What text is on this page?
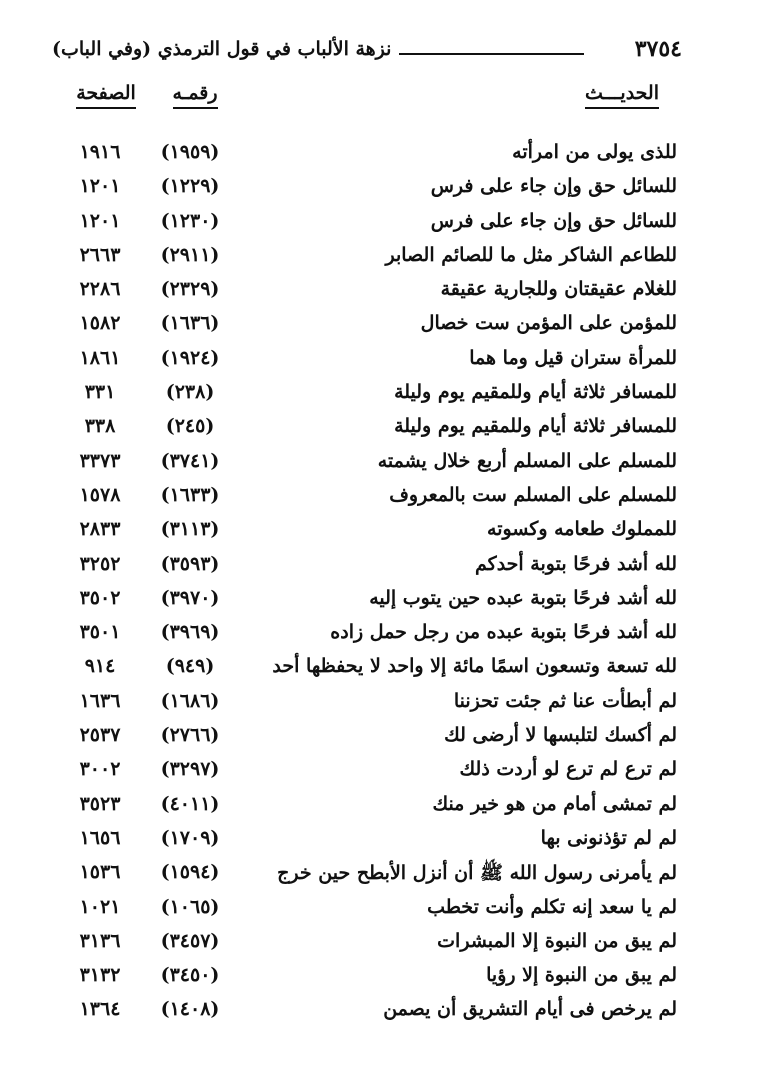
٣٧٥٤
نزهة الألباب في قول الترمذي (وفي الباب)
الحديـــث
رقمـه
الصفحة
للذى يولى من امرأته
(١٩٥٩)
١٩١٦
للسائل حق وإن جاء على فرس
(١٢٢٩)
١٢٠١
للسائل حق وإن جاء على فرس
(١٢٣٠)
١٢٠١
للطاعم الشاكر مثل ما للصائم الصابر
(٢٩١١)
٢٦٦٣
للغلام عقيقتان وللجارية عقيقة
(٢٣٢٩)
٢٢٨٦
للمؤمن على المؤمن ست خصال
(١٦٣٦)
١٥٨٢
للمرأة ستران قيل وما هما
(١٩٢٤)
١٨٦١
للمسافر ثلاثة أيام وللمقيم يوم وليلة
(٢٣٨)
٣٣١
للمسافر ثلاثة أيام وللمقيم يوم وليلة
(٢٤٥)
٣٣٨
للمسلم على المسلم أربع خلال يشمته
(٣٧٤١)
٣٣٧٣
للمسلم على المسلم ست بالمعروف
(١٦٣٣)
١٥٧٨
للمملوك طعامه وكسوته
(٣١١٣)
٢٨٣٣
لله أشد فرحًا بتوبة أحدكم
(٣٥٩٣)
٣٢٥٢
لله أشد فرحًا بتوبة عبده حين يتوب إليه
(٣٩٧٠)
٣٥٠٢
لله أشد فرحًا بتوبة عبده من رجل حمل زاده
(٣٩٦٩)
٣٥٠١
لله تسعة وتسعون اسمًا مائة إلا واحد لا يحفظها أحد
(٩٤٩)
٩١٤
لم أبطأت عنا ثم جئت تحزننا
(١٦٨٦)
١٦٣٦
لم أكسك لتلبسها لا أرضى لك
(٢٧٦٦)
٢٥٣٧
لم ترع لم ترع لو أردت ذلك
(٣٢٩٧)
٣٠٠٢
لم تمشى أمام من هو خير منك
(٤٠١١)
٣٥٢٣
لم لم تؤذنونى بها
(١٧٠٩)
١٦٥٦
لم يأمرنى رسول الله ﷺ أن أنزل الأبطح حين خرج
(١٥٩٤)
١٥٣٦
لم يا سعد إنه تكلم وأنت تخطب
(١٠٦٥)
١٠٢١
لم يبق من النبوة إلا المبشرات
(٣٤٥٧)
٣١٣٦
لم يبق من النبوة إلا رؤيا
(٣٤٥٠)
٣١٣٢
لم يرخص فى أيام التشريق أن يصمن
(١٤٠٨)
١٣٦٤
